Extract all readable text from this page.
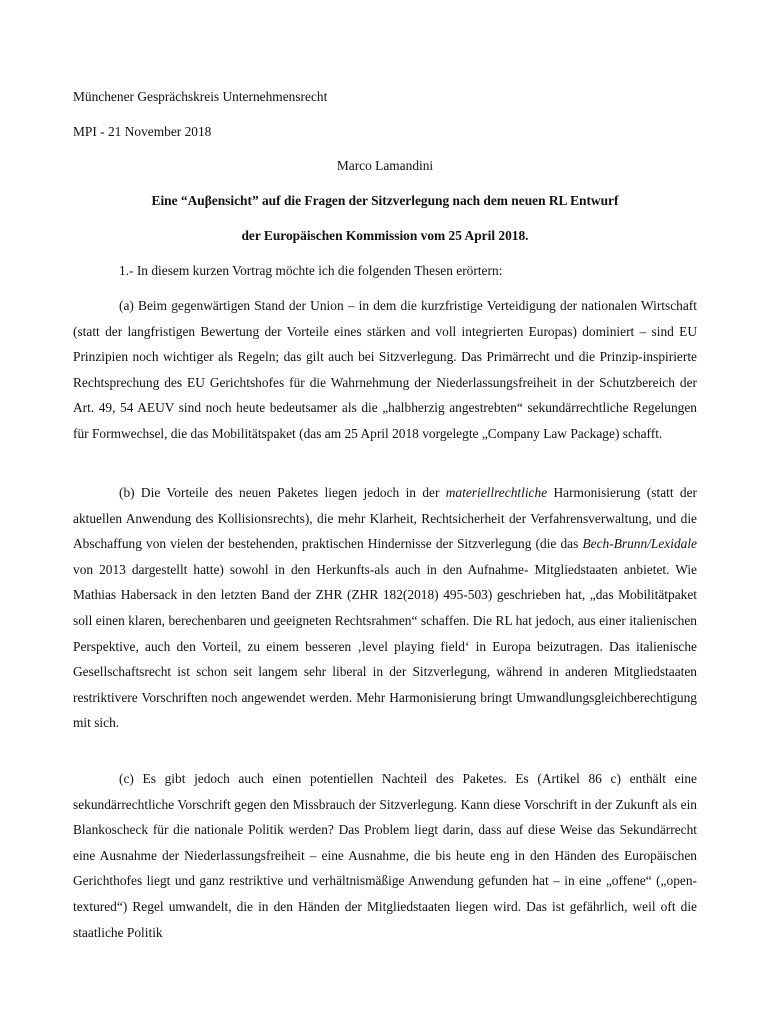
Münchener Gesprächskreis Unternehmensrecht
MPI - 21 November 2018
Marco Lamandini
Eine “Auβensicht” auf die Fragen der Sitzverlegung nach dem neuen RL Entwurf
der Europäischen Kommission vom 25 April 2018.
1.- In diesem kurzen Vortrag möchte ich die folgenden Thesen erörtern:

(a) Beim gegenwärtigen Stand der Union – in dem die kurzfristige Verteidigung der nationalen Wirtschaft (statt der langfristigen Bewertung der Vorteile eines stärken and voll integrierten Europas) dominiert – sind EU Prinzipien noch wichtiger als Regeln; das gilt auch bei Sitzverlegung. Das Primärrecht und die Prinzip-inspirierte Rechtsprechung des EU Gerichtshofes für die Wahrnehmung der Niederlassungsfreiheit in der Schutzbereich der Art. 49, 54 AEUV sind noch heute bedeutsamer als die „halbherzig angestrebten“ sekundärrechtliche Regelungen für Formwechsel, die das Mobilitätspaket (das am 25 April 2018 vorgelegte „Company Law Package) schafft.

(b) Die Vorteile des neuen Paketes liegen jedoch in der materiellrechtliche Harmonisierung (statt der aktuellen Anwendung des Kollisionsrechts), die mehr Klarheit, Rechtsicherheit der Verfahrensverwaltung, und die Abschaffung von vielen der bestehenden, praktischen Hindernisse der Sitzverlegung (die das Bech-Brunn/Lexidale von 2013 dargestellt hatte) sowohl in den Herkunfts-als auch in den Aufnahme- Mitgliedstaaten anbietet. Wie Mathias Habersack in den letzten Band der ZHR (ZHR 182(2018) 495-503) geschrieben hat, „das Mobilitätpaket soll einen klaren, berechenbaren und geeigneten Rechtsrahmen“ schaffen. Die RL hat jedoch, aus einer italienischen Perspektive, auch den Vorteil, zu einem besseren ‚level playing field‘ in Europa beizutragen. Das italienische Gesellschaftsrecht ist schon seit langem sehr liberal in der Sitzverlegung, während in anderen Mitgliedstaaten restriktivere Vorschriften noch angewendet werden. Mehr Harmonisierung bringt Umwandlungsgleichberechtigung mit sich.

(c) Es gibt jedoch auch einen potentiellen Nachteil des Paketes. Es (Artikel 86 c) enthält eine sekundärrechtliche Vorschrift gegen den Missbrauch der Sitzverlegung. Kann diese Vorschrift in der Zukunft als ein Blankoscheck für die nationale Politik werden? Das Problem liegt darin, dass auf diese Weise das Sekundärrecht eine Ausnahme der Niederlassungsfreiheit – eine Ausnahme, die bis heute eng in den Händen des Europäischen Gerichthofes liegt und ganz restriktive und verhältnismäßige Anwendung gefunden hat – in eine „offene“ („open-textured“) Regel umwandelt, die in den Händen der Mitgliedstaaten liegen wird. Das ist gefährlich, weil oft die staatliche Politik
